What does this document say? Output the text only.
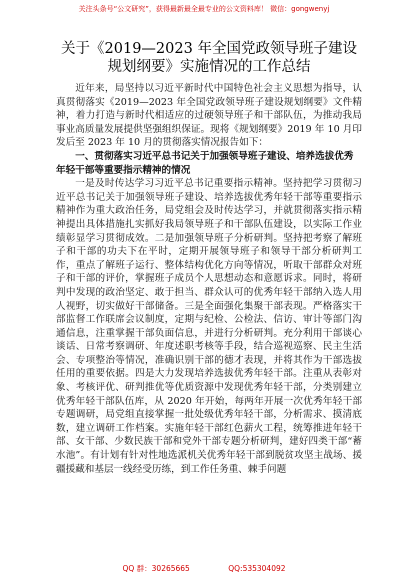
关注头条号“公文研究”，获得最新最全最专业的公文资料库！ 微信：gongwenyj
关于《2019—2023 年全国党政领导班子建设规划纲要》实施情况的工作总结

近年来，局坚持以习近平新时代中国特色社会主义思想为指导，认真贯彻落实《2019—2023 年全国党政领导班子建设规划纲要》文件精神，着力打造与新时代相适应的过硬领导班子和干部队伍，为推动我局事业高质量发展提供坚强组织保证。现将《规划纲要》2019 年 10 月印发后至 2023 年 10 月的贯彻落实情况报告如下：

一、贯彻落实习近平总书记关于加强领导班子建设、培养选拔优秀年轻干部等重要指示精神的情况

一是及时传达学习习近平总书记重要指示精神。坚持把学习贯彻习近平总书记关于加强领导班子建设、培养选拔优秀年轻干部等重要指示精神作为重大政治任务，局党组会及时传达学习，并就贯彻落实指示精神提出具体措施扎实抓好我局领导班子和干部队伍建设，以实际工作业绩彰显学习贯彻成效。二是加强领导班子分析研判。坚持把考察了解班子和干部的功夫下在平时，定期开展领导班子和领导干部分析研判工作，重点了解班子运行、整体结构优化方向等情况，听取干部群众对班子和干部的评价，掌握班子成员个人思想动态和意愿诉求。同时，将研判中发现的政治坚定、敢于担当、群众认可的优秀年轻干部纳入选人用人视野，切实做好干部储备。三是全面强化集聚干部表现。严格落实干部监督工作联席会议制度，定期与纪检、公检法、信访、审计等部门沟通信息，注重掌握干部负面信息，并进行分析研判。充分利用干部谈心谈话、日常考察调研、年度述职考核等手段，结合巡视巡察、民主生活会、专项整治等情况，准确识别干部的德才表现，并将其作为干部选拔任用的重要依据。四是大力发现培养选拔优秀年轻干部。注重从表彰对象、考核评优、研判推优等优质资源中发现优秀年轻干部，分类别建立优秀年轻干部队伍库，从 2020 年开始，每两年开展一次优秀年轻干部专题调研，局党组直接掌握一批处级优秀年轻干部，分析需求、摸清底数，建立调研工作档案。实施年轻干部红色薪火工程，统筹推进年轻干部、女干部、少数民族干部和党外干部专题分析研判，建好四类干部“蓄水池”。有计划有针对性地选派机关优秀年轻干部到脱贫攻坚主战场、援疆援藏和基层一线经受历练，到工作任务重、棘手问题

QQ 群：30265665	QQ:535304092
